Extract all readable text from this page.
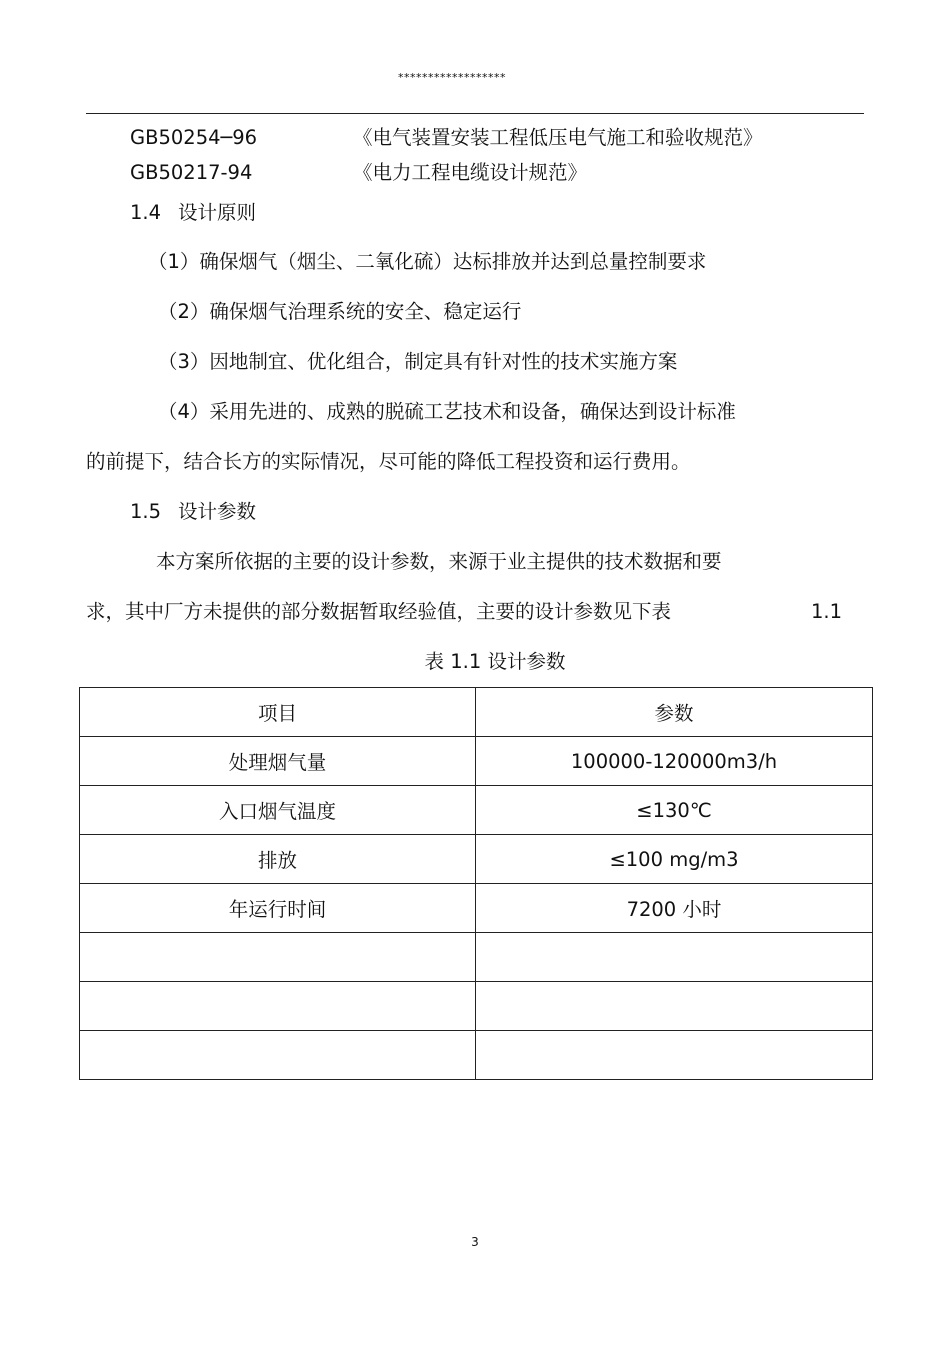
******************
GB50254─96	《电气装置安装工程低压电气施工和验收规范》
GB50217-94	《电力工程电缆设计规范》
1.4 设计原则
（1）确保烟气（烟尘、二氧化硫）达标排放并达到总量控制要求
（2）确保烟气治理系统的安全、稳定运行
（3）因地制宜、优化组合，制定具有针对性的技术实施方案
（4）采用先进的、成熟的脱硫工艺技术和设备，确保达到设计标准
的前提下，结合长方的实际情况，尽可能的降低工程投资和运行费用。
1.5 设计参数
本方案所依据的主要的设计参数，来源于业主提供的技术数据和要
求，其中厂方未提供的部分数据暂取经验值，主要的设计参数见下表	1.1
表 1.1 设计参数
项目	参数
处理烟气量	100000-120000m3/h
入口烟气温度	≤130℃
排放	≤100 mg/m3
年运行时间	7200 小时

3
